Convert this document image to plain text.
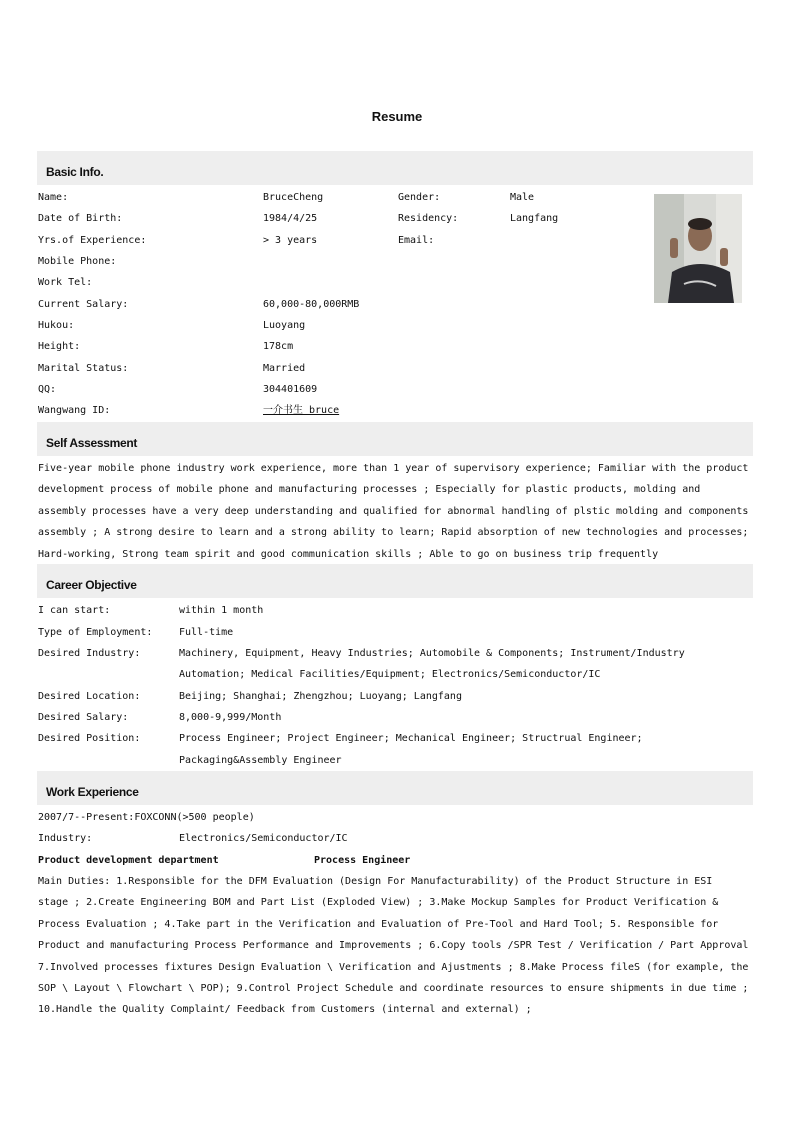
Resume
Basic Info.
Name:	BruceCheng	Gender:	Male
Date of Birth:	1984/4/25	Residency:	Langfang
Yrs.of Experience:	> 3 years	Email:
Mobile Phone:
Work Tel:
Current Salary:	60,000-80,000RMB
Hukou:	Luoyang
Height:	178cm
Marital Status:	Married
QQ:	304401609
Wangwang ID:	一介书生 bruce
Self Assessment
Five-year mobile phone industry work experience, more than 1 year of supervisory experience; Familiar with the product
development process of mobile phone and manufacturing processes ; Especially for plastic products, molding and
assembly processes have a very deep understanding and qualified for abnormal handling of plstic molding and components
assembly ; A strong desire to learn and a strong ability to learn; Rapid absorption of new technologies and processes;
Hard-working, Strong team spirit and good communication skills ; Able to go on business trip frequently
Career Objective
I can start:	within 1 month
Type of Employment:	Full-time
Desired Industry:	Machinery, Equipment, Heavy Industries; Automobile & Components; Instrument/Industry
Automation; Medical Facilities/Equipment; Electronics/Semiconductor/IC
Desired Location:	Beijing; Shanghai; Zhengzhou; Luoyang; Langfang
Desired Salary:	8,000-9,999/Month
Desired Position:	Process Engineer; Project Engineer; Mechanical Engineer; Structrual Engineer;
Packaging&Assembly Engineer
Work Experience
2007/7--Present:FOXCONN(>500 people)
Industry:	Electronics/Semiconductor/IC
Product development department	Process Engineer
Main Duties: 1.Responsible for the DFM Evaluation (Design For Manufacturability) of the Product Structure in ESI
stage ; 2.Create Engineering BOM and Part List (Exploded View) ; 3.Make Mockup Samples for Product Verification &
Process Evaluation ; 4.Take part in the Verification and Evaluation of Pre-Tool and Hard Tool; 5. Responsible for
Product and manufacturing Process Performance and Improvements ; 6.Copy tools /SPR Test / Verification / Part Approval
7.Involved processes fixtures Design Evaluation \ Verification and Ajustments ; 8.Make Process fileS (for example, the
SOP \ Layout \ Flowchart \ POP); 9.Control Project Schedule and coordinate resources to ensure shipments in due time ;
10.Handle the Quality Complaint/ Feedback from Customers (internal and external) ;
